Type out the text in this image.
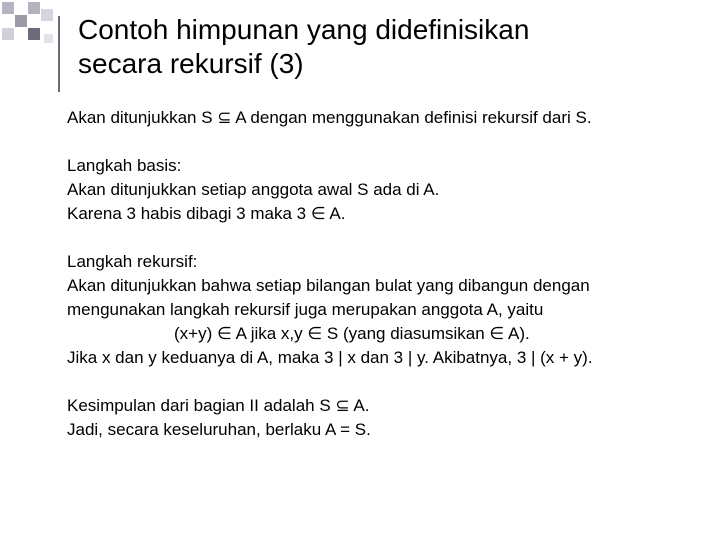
Contoh himpunan yang didefinisikan
secara rekursif (3)
Akan ditunjukkan S ⊆ A dengan menggunakan definisi rekursif dari S.
Langkah basis:
Akan ditunjukkan setiap anggota awal S ada di A.
Karena 3 habis dibagi 3 maka 3 ∈ A.
Langkah rekursif:
Akan ditunjukkan bahwa setiap bilangan bulat yang dibangun dengan
mengunakan langkah rekursif juga merupakan anggota A, yaitu
(x+y) ∈ A jika x,y ∈ S (yang diasumsikan ∈ A).
Jika x dan y keduanya di A, maka 3 | x dan 3 | y. Akibatnya, 3 | (x + y).
Kesimpulan dari bagian II adalah S ⊆ A.
Jadi, secara keseluruhan, berlaku A = S.
